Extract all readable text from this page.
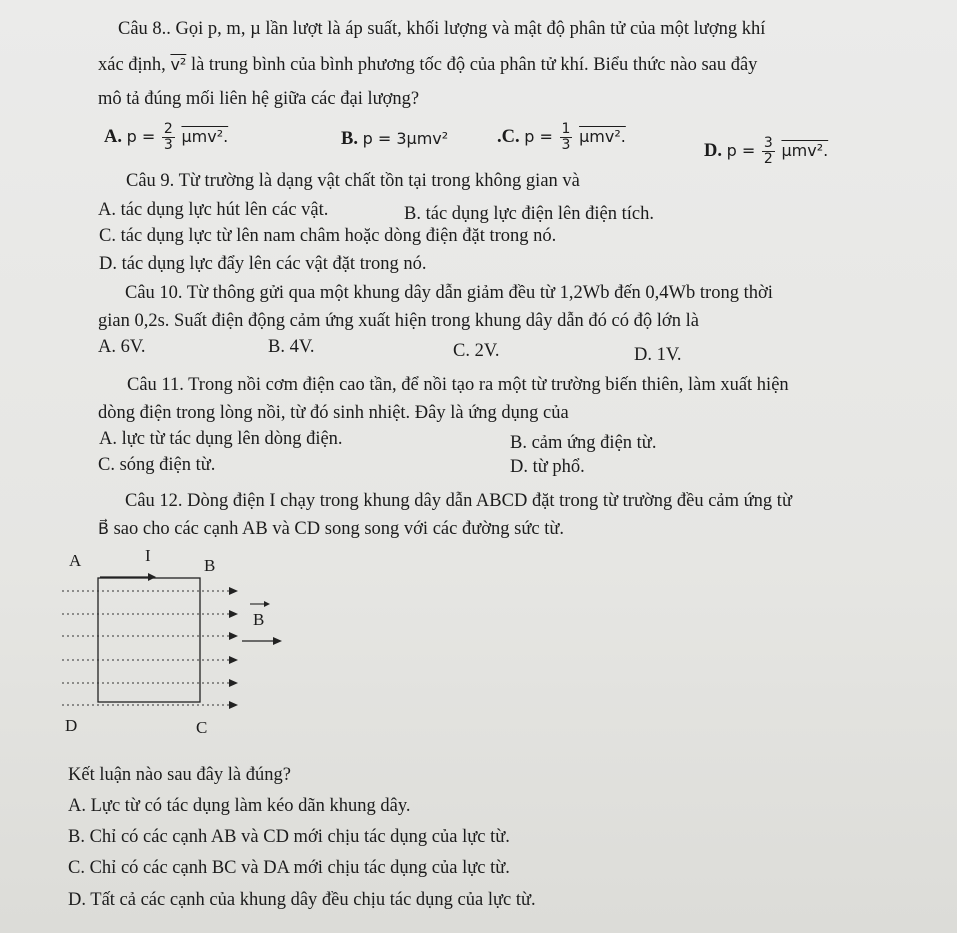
Câu 8.. Gọi p, m, µ lần lượt là áp suất, khối lượng và mật độ phân tử của một lượng khí
xác định, v² là trung bình của bình phương tốc độ của phân tử khí. Biểu thức nào sau đây
mô tả đúng mối liên hệ giữa các đại lượng?
A. $p = \frac{2}{3} \mu mv^2$.	B. p = 3µmv²	.C. $p = \frac{1}{3} \mu mv^2$.
D. $p = \frac{3}{2} \mu mv^2$.
Câu 9. Từ trường là dạng vật chất tồn tại trong không gian và
A. tác dụng lực hút lên các vật.	B. tác dụng lực điện lên điện tích.
C. tác dụng lực từ lên nam châm hoặc dòng điện đặt trong nó.
D. tác dụng lực đẩy lên các vật đặt trong nó.
Câu 10. Từ thông gửi qua một khung dây dẫn giảm đều từ 1,2Wb đến 0,4Wb trong thời
gian 0,2s. Suất điện động cảm ứng xuất hiện trong khung dây dẫn đó có độ lớn là
A. 6V.	B. 4V.	C. 2V.	D. 1V.
Câu 11. Trong nồi cơm điện cao tần, để nồi tạo ra một từ trường biến thiên, làm xuất hiện
dòng điện trong lòng nồi, từ đó sinh nhiệt. Đây là ứng dụng của
A. lực từ tác dụng lên dòng điện.	B. cảm ứng điện từ.
C. sóng điện từ.	D. từ phổ.
Câu 12. Dòng điện I chạy trong khung dây dẫn ABCD đặt trong từ trường đều cảm ứng từ
B⃗ sao cho các cạnh AB và CD song song với các đường sức từ.
A	I
B
B
D	C
Kết luận nào sau đây là đúng?
A. Lực từ có tác dụng làm kéo dãn khung dây.
B. Chỉ có các cạnh AB và CD mới chịu tác dụng của lực từ.
C. Chỉ có các cạnh BC và DA mới chịu tác dụng của lực từ.
D. Tất cả các cạnh của khung dây đều chịu tác dụng của lực từ.
